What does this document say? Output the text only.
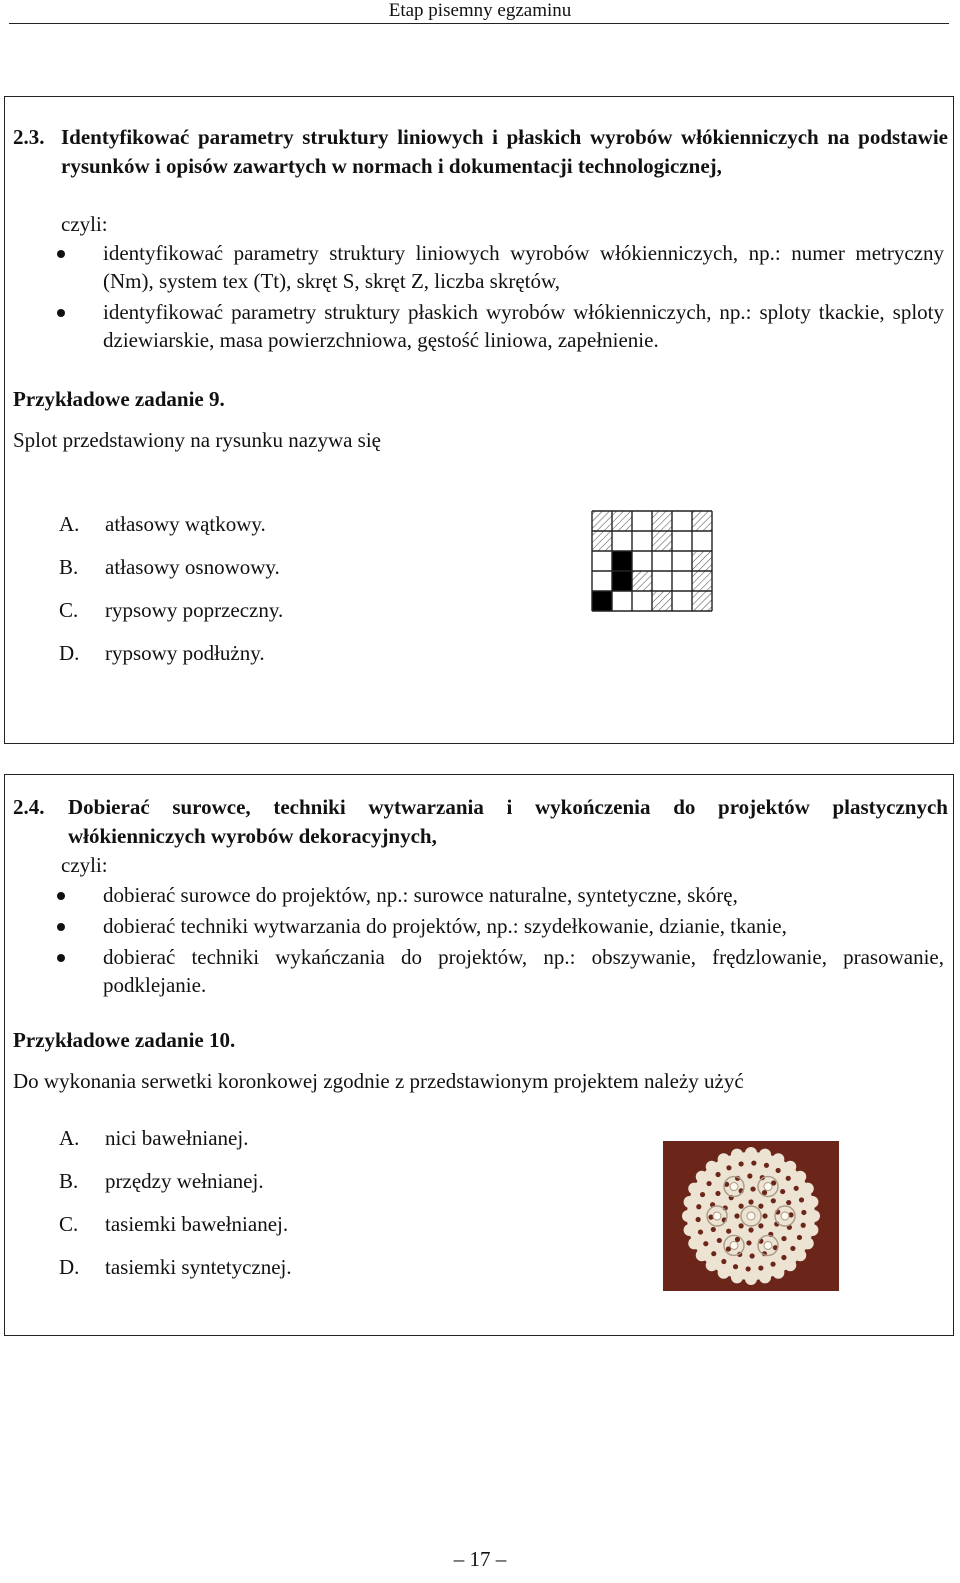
Etap pisemny egzaminu
2.3. Identyfikować parametry struktury liniowych i płaskich wyrobów włókienniczych na podstawie rysunków i opisów zawartych w normach i dokumentacji technologicznej,
czyli:
identyfikować parametry struktury liniowych wyrobów włókienniczych, np.: numer metryczny (Nm), system tex (Tt), skręt S, skręt Z, liczba skrętów,
identyfikować parametry struktury płaskich wyrobów włókienniczych, np.: sploty tkackie, sploty dziewiarskie, masa powierzchniowa, gęstość liniowa, zapełnienie.
Przykładowe zadanie 9.
Splot przedstawiony na rysunku nazywa się
A. atłasowy wątkowy.
B. atłasowy osnowowy.
C. rypsowy poprzeczny.
D. rypsowy podłużny.
2.4. Dobierać surowce, techniki wytwarzania i wykończenia do projektów plastycznych włókienniczych wyrobów dekoracyjnych,
czyli:
dobierać surowce do projektów, np.: surowce naturalne, syntetyczne, skórę,
dobierać techniki wytwarzania do projektów, np.: szydełkowanie, dzianie, tkanie,
dobierać techniki wykańczania do projektów, np.: obszywanie, frędzlowanie, prasowanie, podklejanie.
Przykładowe zadanie 10.
Do wykonania serwetki koronkowej zgodnie z przedstawionym projektem należy użyć
A. nici bawełnianej.
B. przędzy wełnianej.
C. tasiemki bawełnianej.
D. tasiemki syntetycznej.
– 17 –
